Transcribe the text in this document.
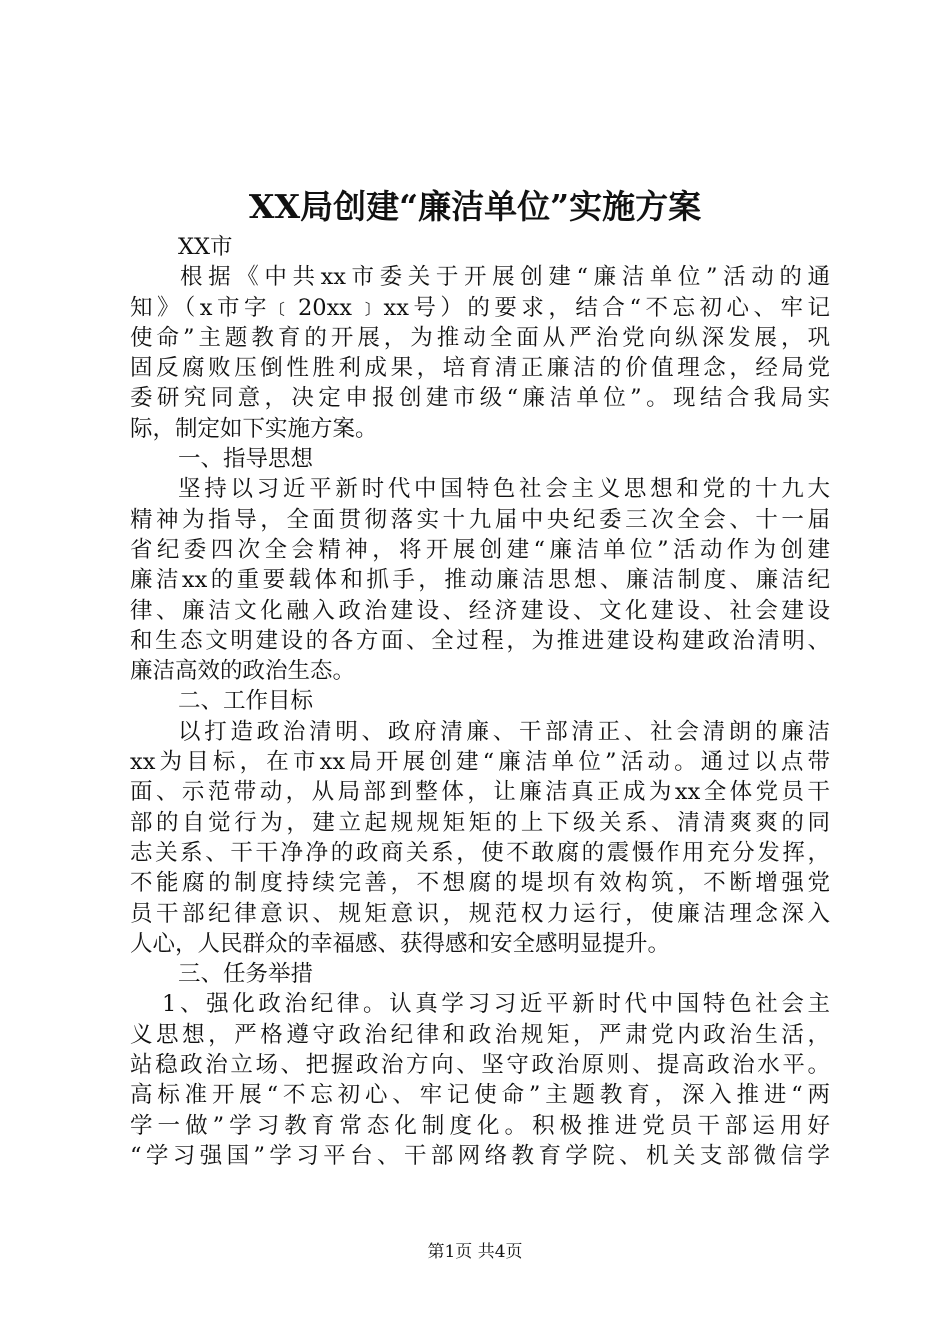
XX局创建“廉洁单位”实施方案
XX市
根据《中共xx市委关于开展创建“廉洁单位”活动的通
知》（x市字﹝20xx﹞xx号）的要求，结合“不忘初心、牢记
使命”主题教育的开展，为推动全面从严治党向纵深发展，巩
固反腐败压倒性胜利成果，培育清正廉洁的价值理念，经局党
委研究同意，决定申报创建市级“廉洁单位”。现结合我局实
际，制定如下实施方案。
一、指导思想
坚持以习近平新时代中国特色社会主义思想和党的十九大
精神为指导，全面贯彻落实十九届中央纪委三次全会、十一届
省纪委四次全会精神，将开展创建“廉洁单位”活动作为创建
廉洁xx的重要载体和抓手，推动廉洁思想、廉洁制度、廉洁纪
律、廉洁文化融入政治建设、经济建设、文化建设、社会建设
和生态文明建设的各方面、全过程，为推进建设构建政治清明、
廉洁高效的政治生态。
二、工作目标
以打造政治清明、政府清廉、干部清正、社会清朗的廉洁
xx为目标，在市xx局开展创建“廉洁单位”活动。通过以点带
面、示范带动，从局部到整体，让廉洁真正成为xx全体党员干
部的自觉行为，建立起规规矩矩的上下级关系、清清爽爽的同
志关系、干干净净的政商关系，使不敢腐的震慑作用充分发挥，
不能腐的制度持续完善，不想腐的堤坝有效构筑，不断增强党
员干部纪律意识、规矩意识，规范权力运行，使廉洁理念深入
人心，人民群众的幸福感、获得感和安全感明显提升。
三、任务举措
1、强化政治纪律。认真学习习近平新时代中国特色社会主
义思想，严格遵守政治纪律和政治规矩，严肃党内政治生活，
站稳政治立场、把握政治方向、坚守政治原则、提高政治水平。
高标准开展“不忘初心、牢记使命”主题教育，深入推进“两
学一做”学习教育常态化制度化。积极推进党员干部运用好
“学习强国”学习平台、干部网络教育学院、机关支部微信学
第1页 共4页
